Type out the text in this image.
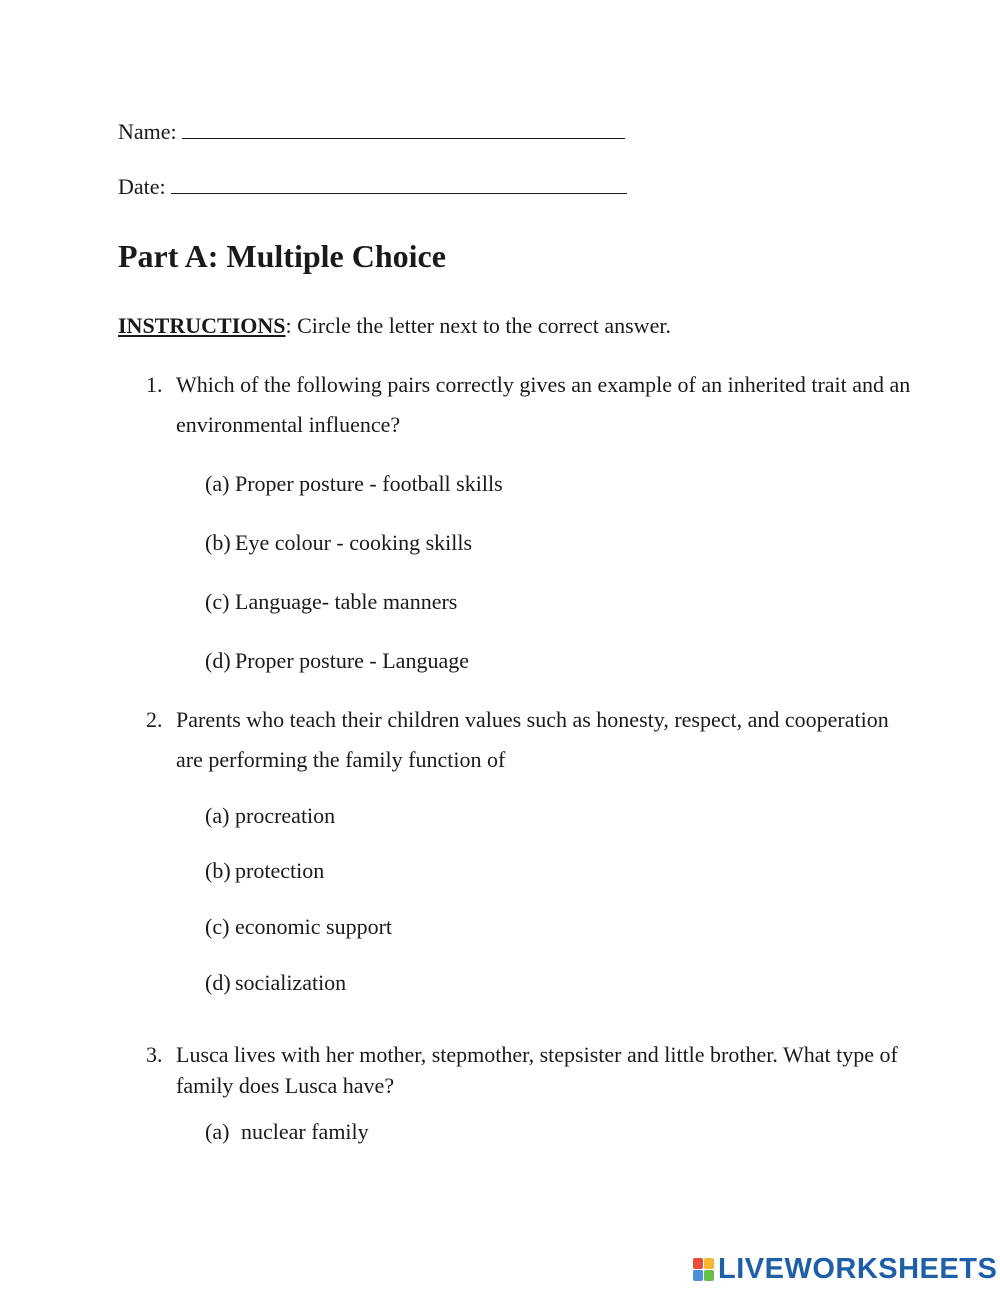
Name:
Date:
Part A: Multiple Choice
INSTRUCTIONS: Circle the letter next to the correct answer.
1. Which of the following pairs correctly gives an example of an inherited trait and an
environmental influence?
(a) Proper posture - football skills
(b) Eye colour - cooking skills
(c) Language- table manners
(d) Proper posture - Language
2. Parents who teach their children values such as honesty, respect, and cooperation
are performing the family function of
(a) procreation
(b) protection
(c) economic support
(d) socialization
3. Lusca lives with her mother, stepmother, stepsister and little brother. What type of
family does Lusca have?
(a) nuclear family
LIVEWORKSHEETS
